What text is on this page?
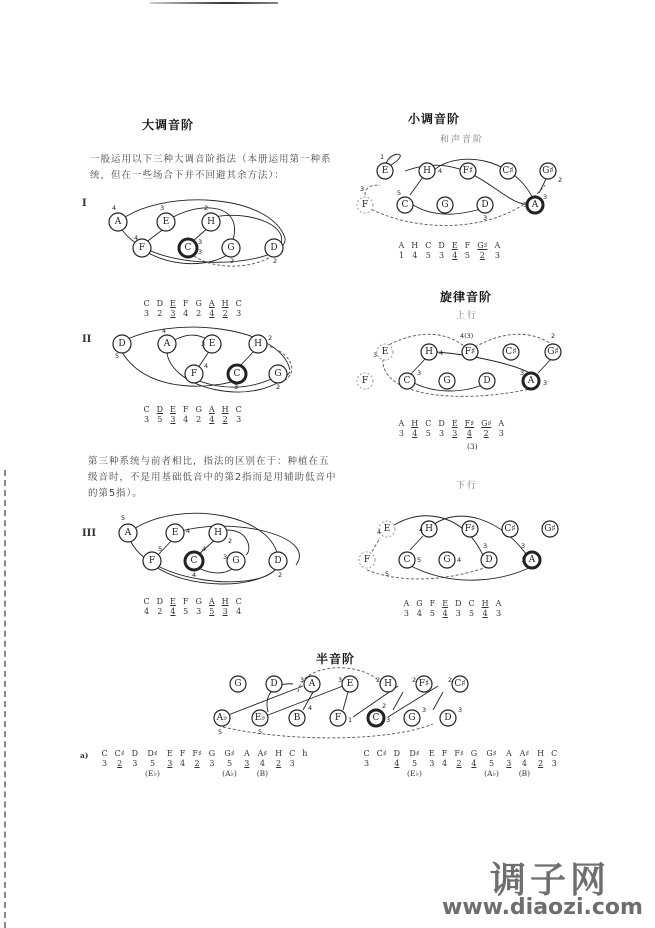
大调音阶
一般运用以下三种大调音阶指法（本册运用第一种系统，但在一些场合下并不回避其余方法）：
I
A	E	H
F	C	G	D
4	3	2
4	3
3
2	2
C	D	E	F	G	A	H	C
3	2	3	4	2	4	2	3
II	D	A	E	H
F	C	G
5
4
3
4
2
3	2
C	D	E	F	G	A	H	C
3	5	3	4	2	4	2	3
第三种系统与前者相比，指法的区别在于：种植在五级音时，不是用基础低音中的第2指而是用辅助低音中的第5指）。
III	A	E	H
F	C	G	D
5
4
2
5	4
4
3
2
C	D	E	F	G	A	H	C
4	2	4	5	3	5	3	4
小调音阶
和声音阶
E	H	F♯	C♯	G♯
F	C	G	D	A
1
4
5
3
3
3
3
2
A	H	C	D	E	F	G♯	A
1	4	5	3	4	5	2	3
旋律音阶
上行
E	H	F♯	C♯	G♯
F	C	G	D	A
4(3)
4
3
2
3
3
3
A	H	C	D	E	F♯	G♯	A
3	4	5	3	3	4	2	3
(3)
下行
E	H	F♯	C♯	G♯
F	C	G	D	A
4	4
5	4
3	3
3
5
A	G	F	E	D	C	H	A
3	4	5	4	3	5	4	3
半音阶
G	D	A	E	H	F♯	C♯
A♭	E♭	B	F	C	G	D
3	3	2	2	2
4
1
2
3
3	3
5	5
a) C	C♯	D	D♯	E	F	F♯	G	G♯	A	A♯	H	C	h
3	2	3	5	3	4	2	3	5	3	4	2	3	
			(E♭)					(A♭)		(B)			
C	C♯	D	D♯	E	F	F♯	G	G♯	A	A♯	H	C
3		4	5	3	4	2	4	5	3	4	2	3
			(E♭)					(A♭)		(B)		
调子网
www.diaozi.com
